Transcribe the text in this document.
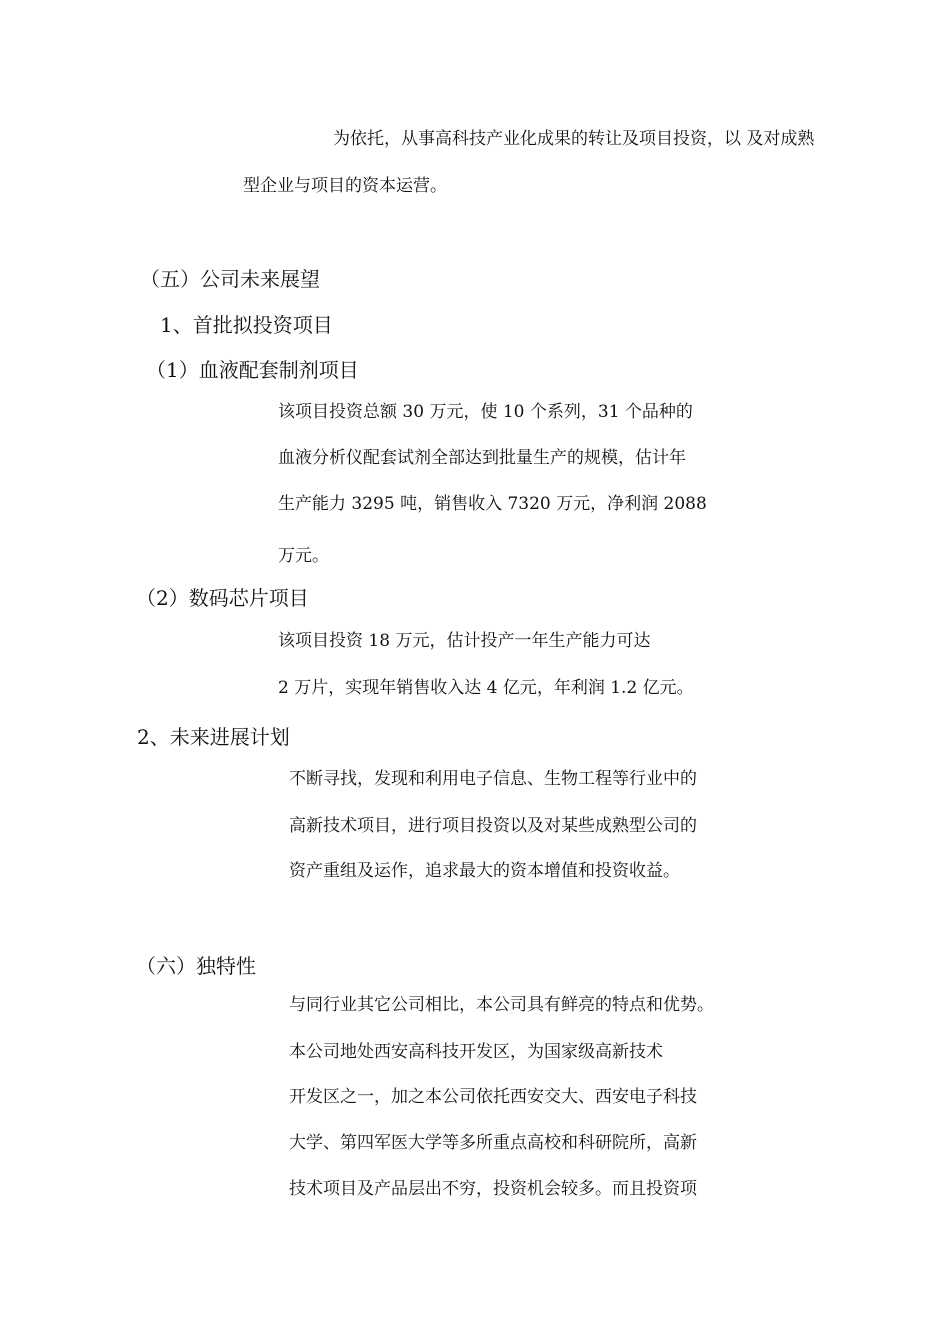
为依托，从事高科技产业化成果的转让及项目投资，以 及对成熟
型企业与项目的资本运营。
（五）公司未来展望
1、首批拟投资项目
（1）血液配套制剂项目
该项目投资总额 30 万元，使 10 个系列，31 个品种的
血液分析仪配套试剂全部达到批量生产的规模，估计年
生产能力 3295 吨，销售收入 7320 万元，净利润 2088
万元。
（2）数码芯片项目
该项目投资 18 万元，估计投产一年生产能力可达
2 万片，实现年销售收入达 4 亿元，年利润 1.2 亿元。
2、未来进展计划
不断寻找，发现和利用电子信息、生物工程等行业中的
高新技术项目，进行项目投资以及对某些成熟型公司的
资产重组及运作，追求最大的资本增值和投资收益。
（六）独特性
与同行业其它公司相比，本公司具有鲜亮的特点和优势。
本公司地处西安高科技开发区，为国家级高新技术
开发区之一，加之本公司依托西安交大、西安电子科技
大学、第四军医大学等多所重点高校和科研院所，高新
技术项目及产品层出不穷，投资机会较多。而且投资项
